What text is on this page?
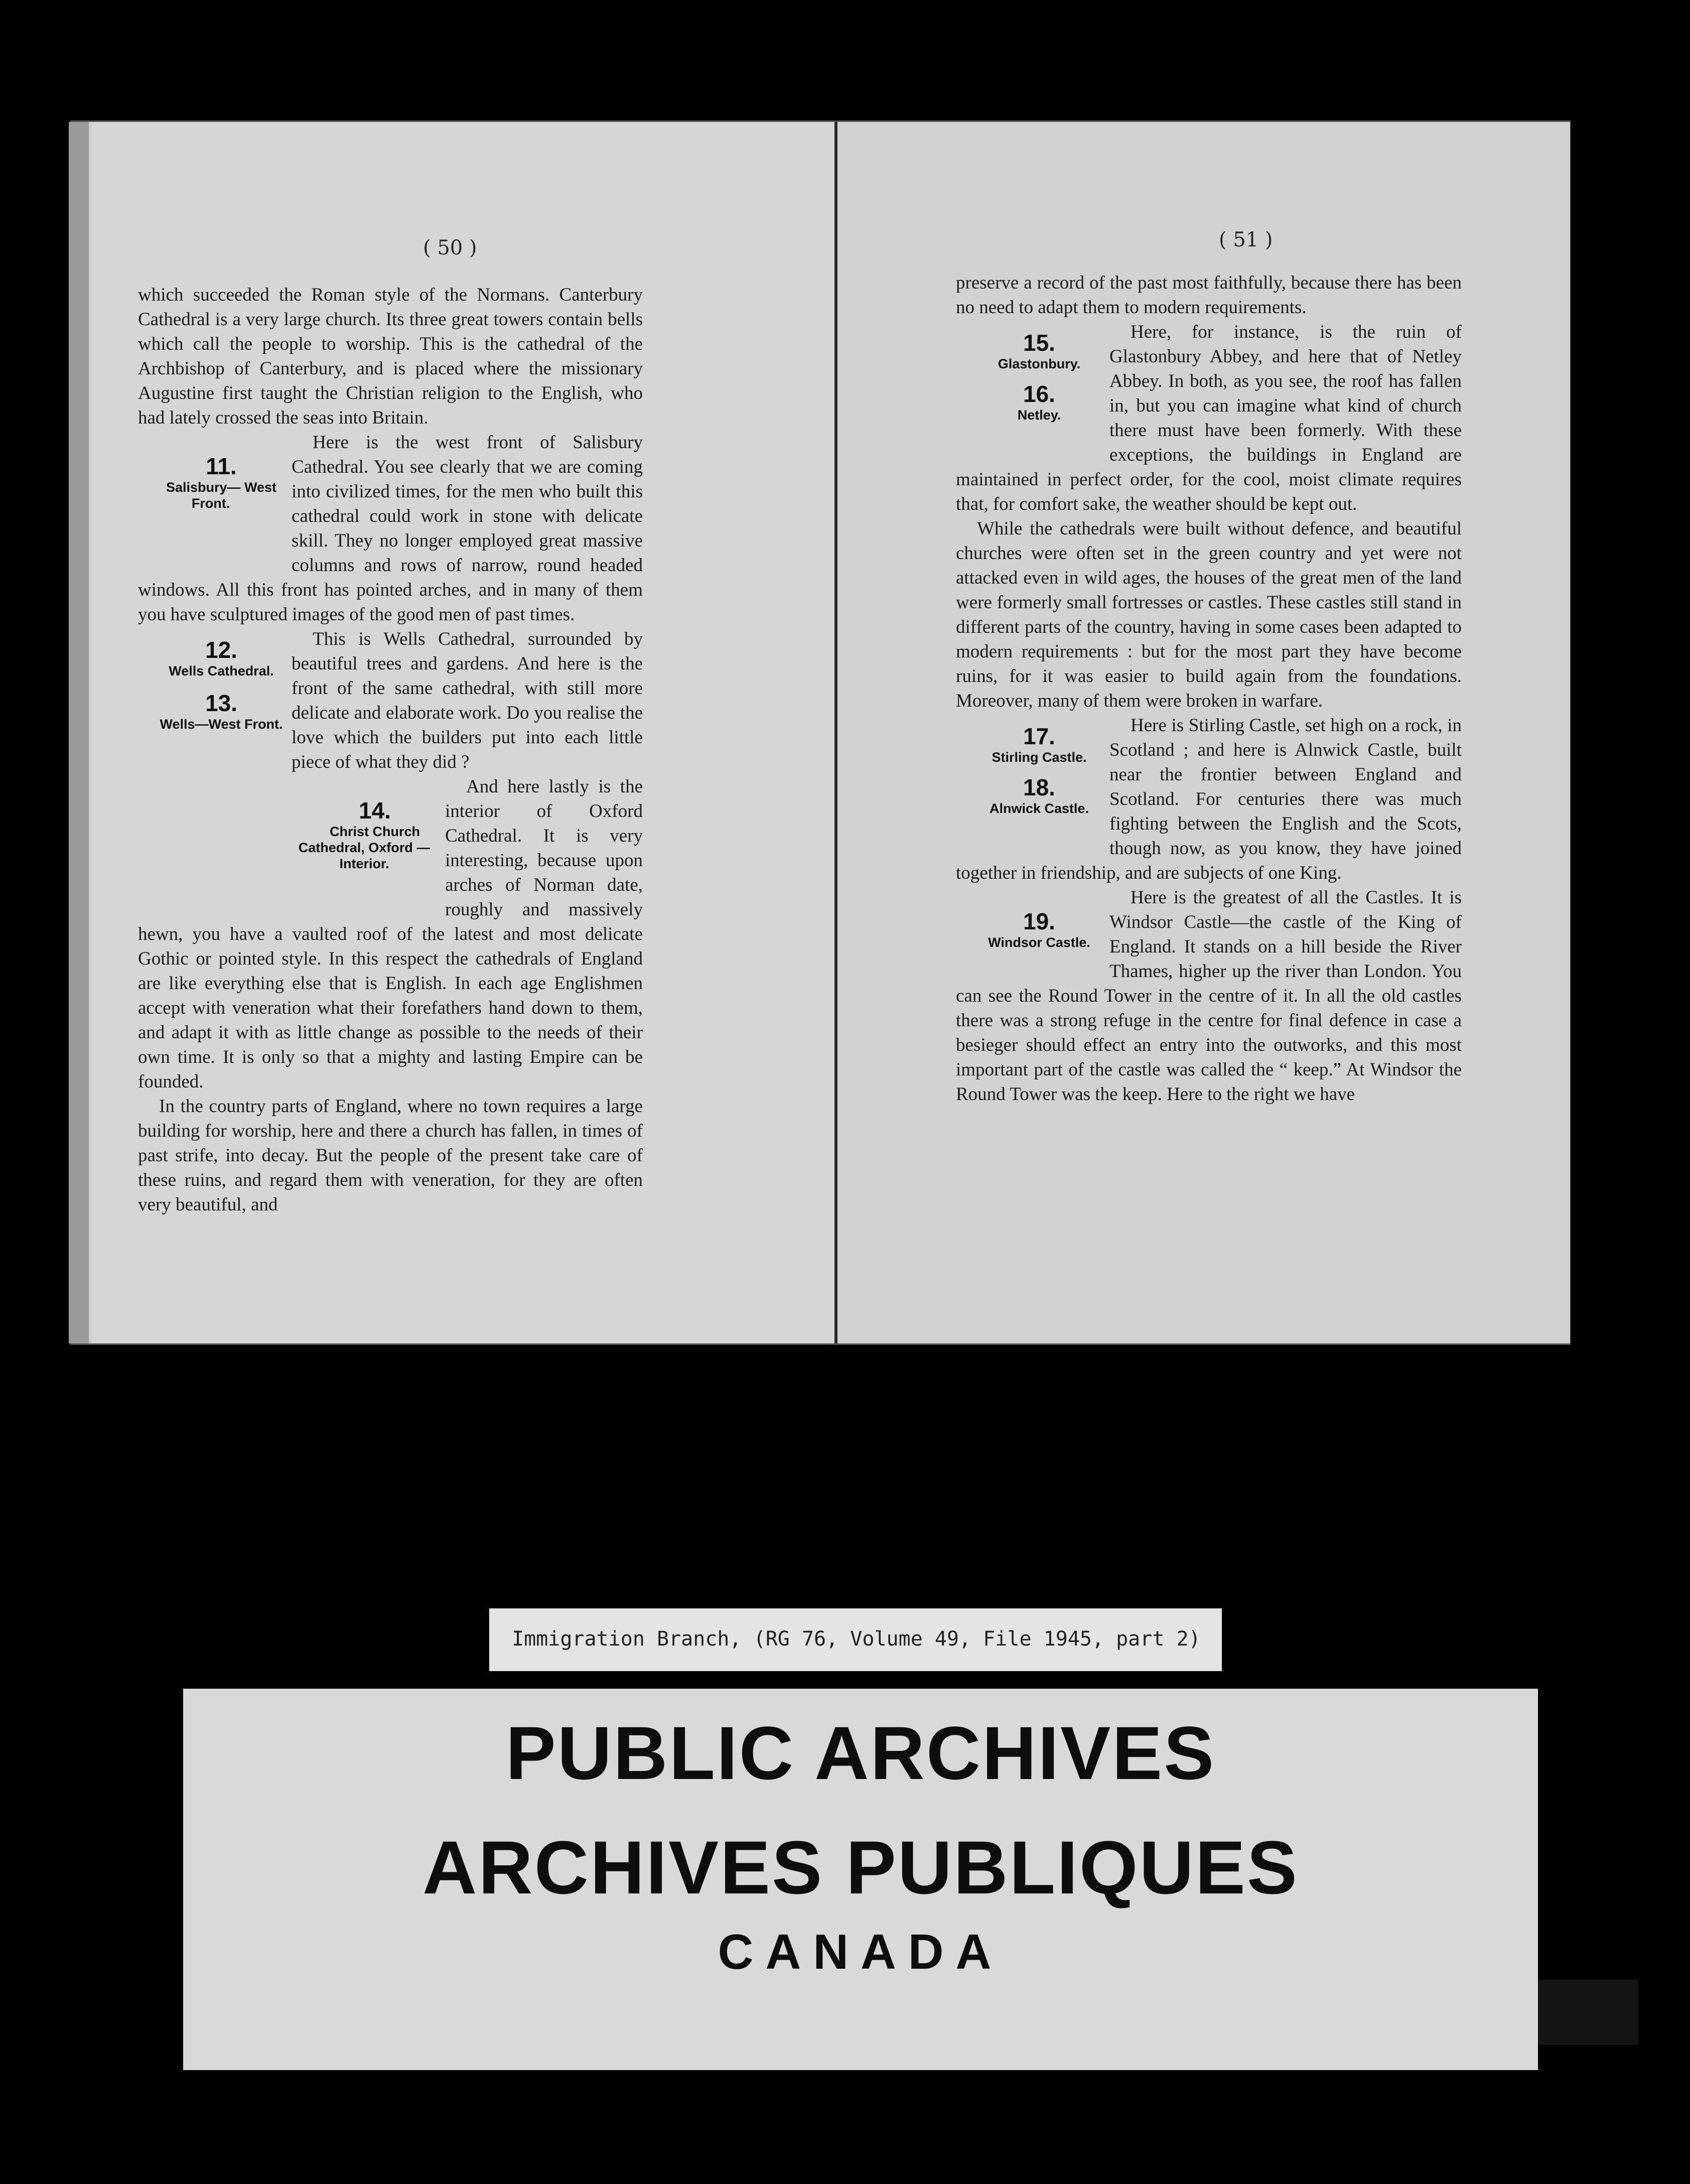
( 50 )

which succeeded the Roman style of the Normans. Canterbury Cathedral is a very large church. Its three great towers contain bells which call the people to worship. This is the cathedral of the Archbishop of Canterbury, and is placed where the missionary Augustine first taught the Christian religion to the English, who had lately crossed the seas into Britain.

11.
Salisbury— West Front.
Here is the west front of Salisbury Cathedral. You see clearly that we are coming into civilized times, for the men who built this cathedral could work in stone with delicate skill. They no longer employed great massive columns and rows of narrow, round headed windows. All this front has pointed arches, and in many of them you have sculptured images of the good men of past times.

12.
Wells Cathedral.
13.
Wells—West Front.
This is Wells Cathedral, surrounded by beautiful trees and gardens. And here is the front of the same cathedral, with still more delicate and elaborate work. Do you realise the love which the builders put into each little piece of what they did ?

14.
Christ Church Cathedral, Oxford —Interior.
And here lastly is the interior of Oxford Cathedral. It is very interesting, because upon arches of Norman date, roughly and massively hewn, you have a vaulted roof of the latest and most delicate Gothic or pointed style. In this respect the cathedrals of England are like everything else that is English. In each age Englishmen accept with veneration what their forefathers hand down to them, and adapt it with as little change as possible to the needs of their own time. It is only so that a mighty and lasting Empire can be founded.

In the country parts of England, where no town requires a large building for worship, here and there a church has fallen, in times of past strife, into decay. But the people of the present take care of these ruins, and regard them with veneration, for they are often very beautiful, and

( 51 )

preserve a record of the past most faithfully, because there has been no need to adapt them to modern requirements.

15.
Glastonbury.
16.
Netley.
Here, for instance, is the ruin of Glastonbury Abbey, and here that of Netley Abbey. In both, as you see, the roof has fallen in, but you can imagine what kind of church there must have been formerly. With these exceptions, the buildings in England are maintained in perfect order, for the cool, moist climate requires that, for comfort sake, the weather should be kept out.

While the cathedrals were built without defence, and beautiful churches were often set in the green country and yet were not attacked even in wild ages, the houses of the great men of the land were formerly small fortresses or castles. These castles still stand in different parts of the country, having in some cases been adapted to modern requirements : but for the most part they have become ruins, for it was easier to build again from the foundations. Moreover, many of them were broken in warfare.

17.
Stirling Castle.
18.
Alnwick Castle.
Here is Stirling Castle, set high on a rock, in Scotland ; and here is Alnwick Castle, built near the frontier between England and Scotland. For centuries there was much fighting between the English and the Scots, though now, as you know, they have joined together in friendship, and are subjects of one King.

19.
Windsor Castle.
Here is the greatest of all the Castles. It is Windsor Castle—the castle of the King of England. It stands on a hill beside the River Thames, higher up the river than London. You can see the Round Tower in the centre of it. In all the old castles there was a strong refuge in the centre for final defence in case a besieger should effect an entry into the outworks, and this most important part of the castle was called the “ keep.” At Windsor the Round Tower was the keep. Here to the right we have

Immigration Branch, (RG 76, Volume 49, File 1945, part 2)
PUBLIC ARCHIVES
ARCHIVES PUBLIQUES
CANADA
